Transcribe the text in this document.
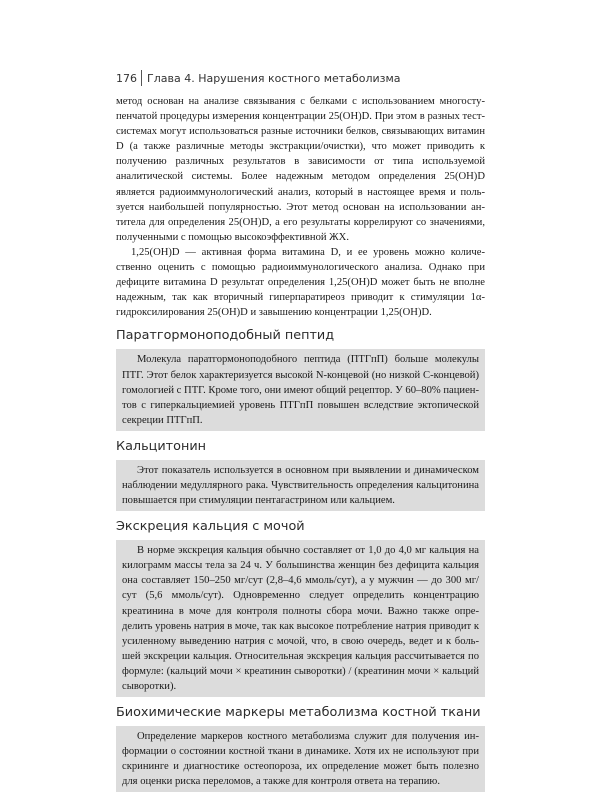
176 Глава 4. Нарушения костного метаболизма

метод основан на анализе связывания с белками с использованием многоступенчатой процедуры измерения концентрации 25(OH)D. При этом в разных тест-системах могут использоваться разные источники белков, связывающих витамин D (а также различные методы экстракции/очистки), что может приводить к получению различных результатов в зависимости от типа используемой аналитической системы. Более надежным методом определения 25(OH)D является радиоиммунологический анализ, который в настоящее время и пользуется наибольшей популярностью. Этот метод основан на использовании антитела для определения 25(OH)D, а его результаты коррелируют со значениями, полученными с помощью высокоэффективной ЖХ.

1,25(OH)D — активная форма витамина D, и ее уровень можно количественно оценить с помощью радиоиммунологического анализа. Однако при дефиците витамина D результат определения 1,25(OH)D может быть не вполне надежным, так как вторичный гиперпаратиреоз приводит к стимуляции 1α-гидроксилирования 25(OH)D и завышению концентрации 1,25(OH)D.

Паратгормоноподобный пептид

Молекула паратгормоноподобного пептида (ПТГпП) больше молекулы ПТГ. Этот белок характеризуется высокой N-концевой (но низкой С-концевой) гомологией с ПТГ. Кроме того, они имеют общий рецептор. У 60–80% пациентов с гиперкальциемией уровень ПТГпП повышен вследствие эктопической секреции ПТГпП.

Кальцитонин

Этот показатель используется в основном при выявлении и динамическом наблюдении медуллярного рака. Чувствительность определения кальцитонина повышается при стимуляции пентагастрином или кальцием.

Экскреция кальция с мочой

В норме экскреция кальция обычно составляет от 1,0 до 4,0 мг кальция на килограмм массы тела за 24 ч. У большинства женщин без дефицита кальция она составляет 150–250 мг/сут (2,8–4,6 ммоль/сут), а у мужчин — до 300 мг/сут (5,6 ммоль/сут). Одновременно следует определить концентрацию креатинина в моче для контроля полноты сбора мочи. Важно также определить уровень натрия в моче, так как высокое потребление натрия приводит к усиленному выведению натрия с мочой, что, в свою очередь, ведет и к большей экскреции кальция. Относительная экскреция кальция рассчитывается по формуле: (кальций мочи × креатинин сыворотки) / (креатинин мочи × кальций сыворотки).

Биохимические маркеры метаболизма костной ткани

Определение маркеров костного метаболизма служит для получения информации о состоянии костной ткани в динамике. Хотя их не используют при скрининге и диагностике остеопороза, их определение может быть полезно для оценки риска переломов, а также для контроля ответа на терапию.
